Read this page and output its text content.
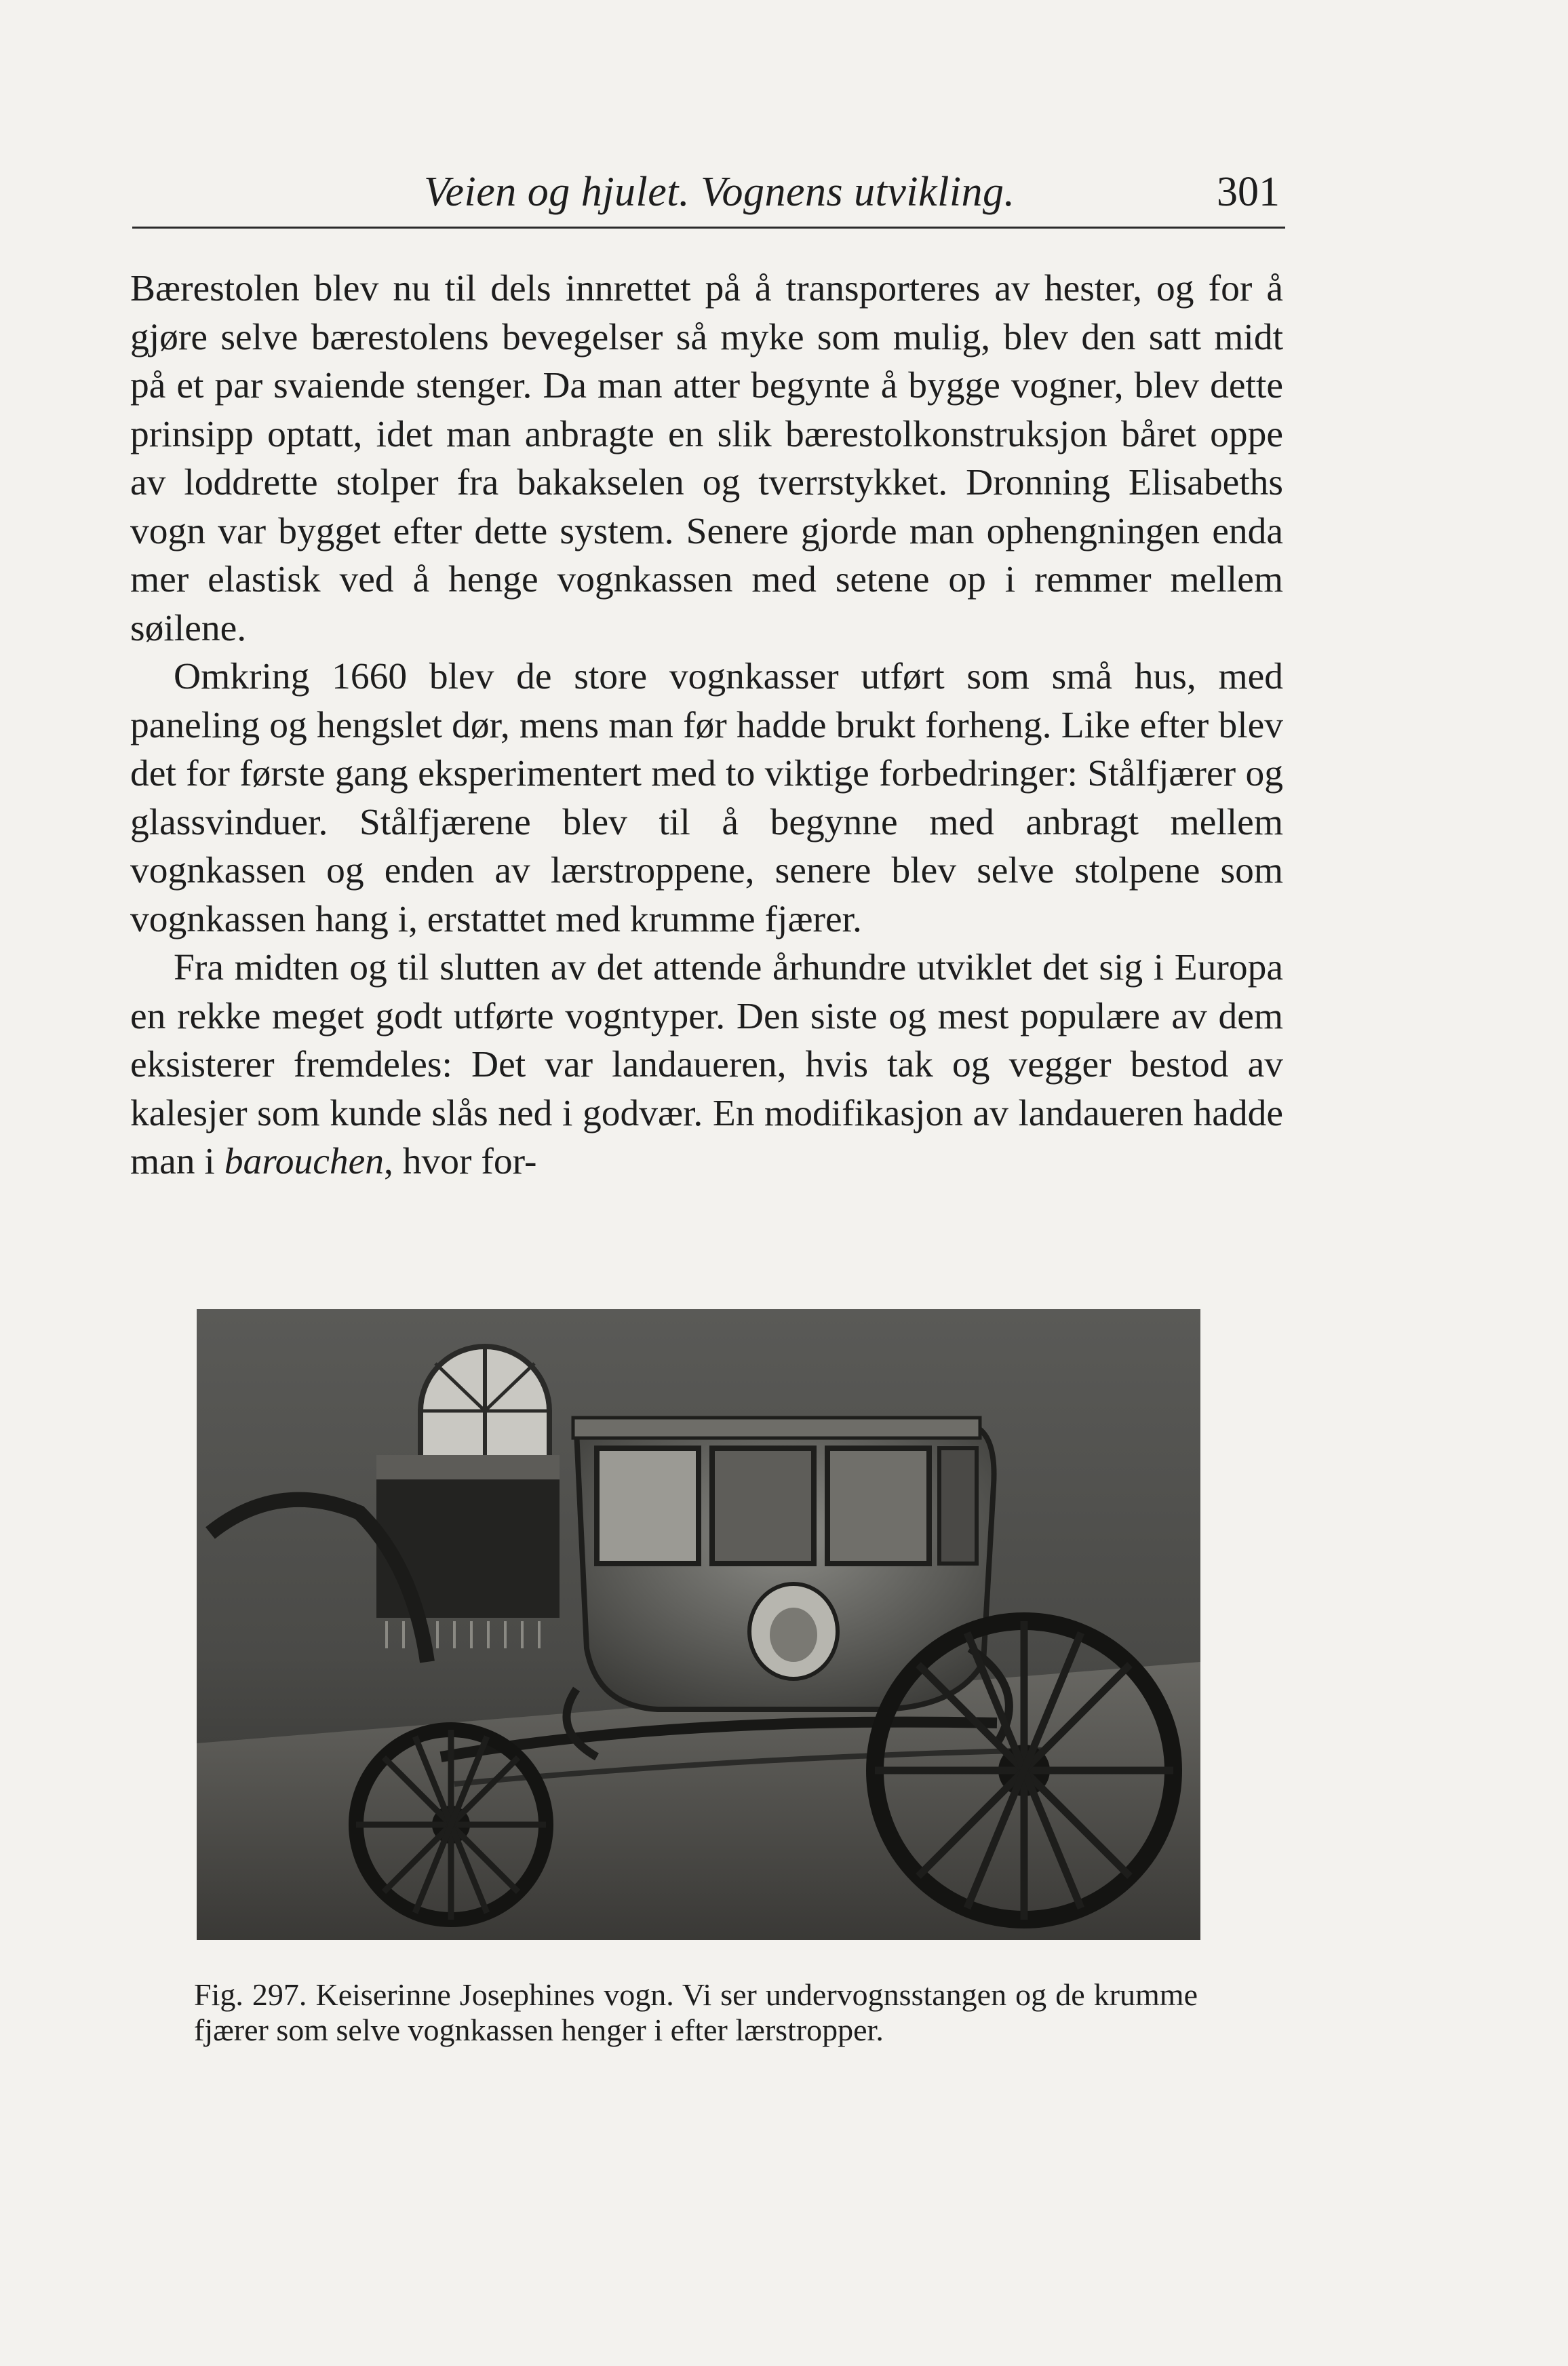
Veien og hjulet. Vognens utvikling.	301

Bærestolen blev nu til dels innrettet på å transporteres av hester, og for å gjøre selve bærestolens bevegelser så myke som mulig, blev den satt midt på et par svaiende stenger. Da man atter begynte å bygge vogner, blev dette prinsipp optatt, idet man anbragte en slik bærestolkonstruksjon båret oppe av loddrette stolper fra bakakselen og tverrstykket. Dronning Elisabeths vogn var bygget efter dette system. Senere gjorde man ophengningen enda mer elastisk ved å henge vognkassen med setene op i remmer mellem søilene.

Omkring 1660 blev de store vognkasser utført som små hus, med paneling og hengslet dør, mens man før hadde brukt forheng. Like efter blev det for første gang eksperimentert med to viktige forbedringer: Stålfjærer og glassvinduer. Stålfjærene blev til å begynne med anbragt mellem vognkassen og enden av lærstroppene, senere blev selve stolpene som vognkassen hang i, erstattet med krumme fjærer.

Fra midten og til slutten av det attende århundre utviklet det sig i Europa en rekke meget godt utførte vogntyper. Den siste og mest populære av dem eksisterer fremdeles: Det var landaueren, hvis tak og vegger bestod av kalesjer som kunde slås ned i godvær. En modifikasjon av landaueren hadde man i barouchen, hvor for-

Fig. 297. Keiserinne Josephines vogn. Vi ser undervognsstangen og de krumme fjærer som selve vognkassen henger i efter lærstropper.
